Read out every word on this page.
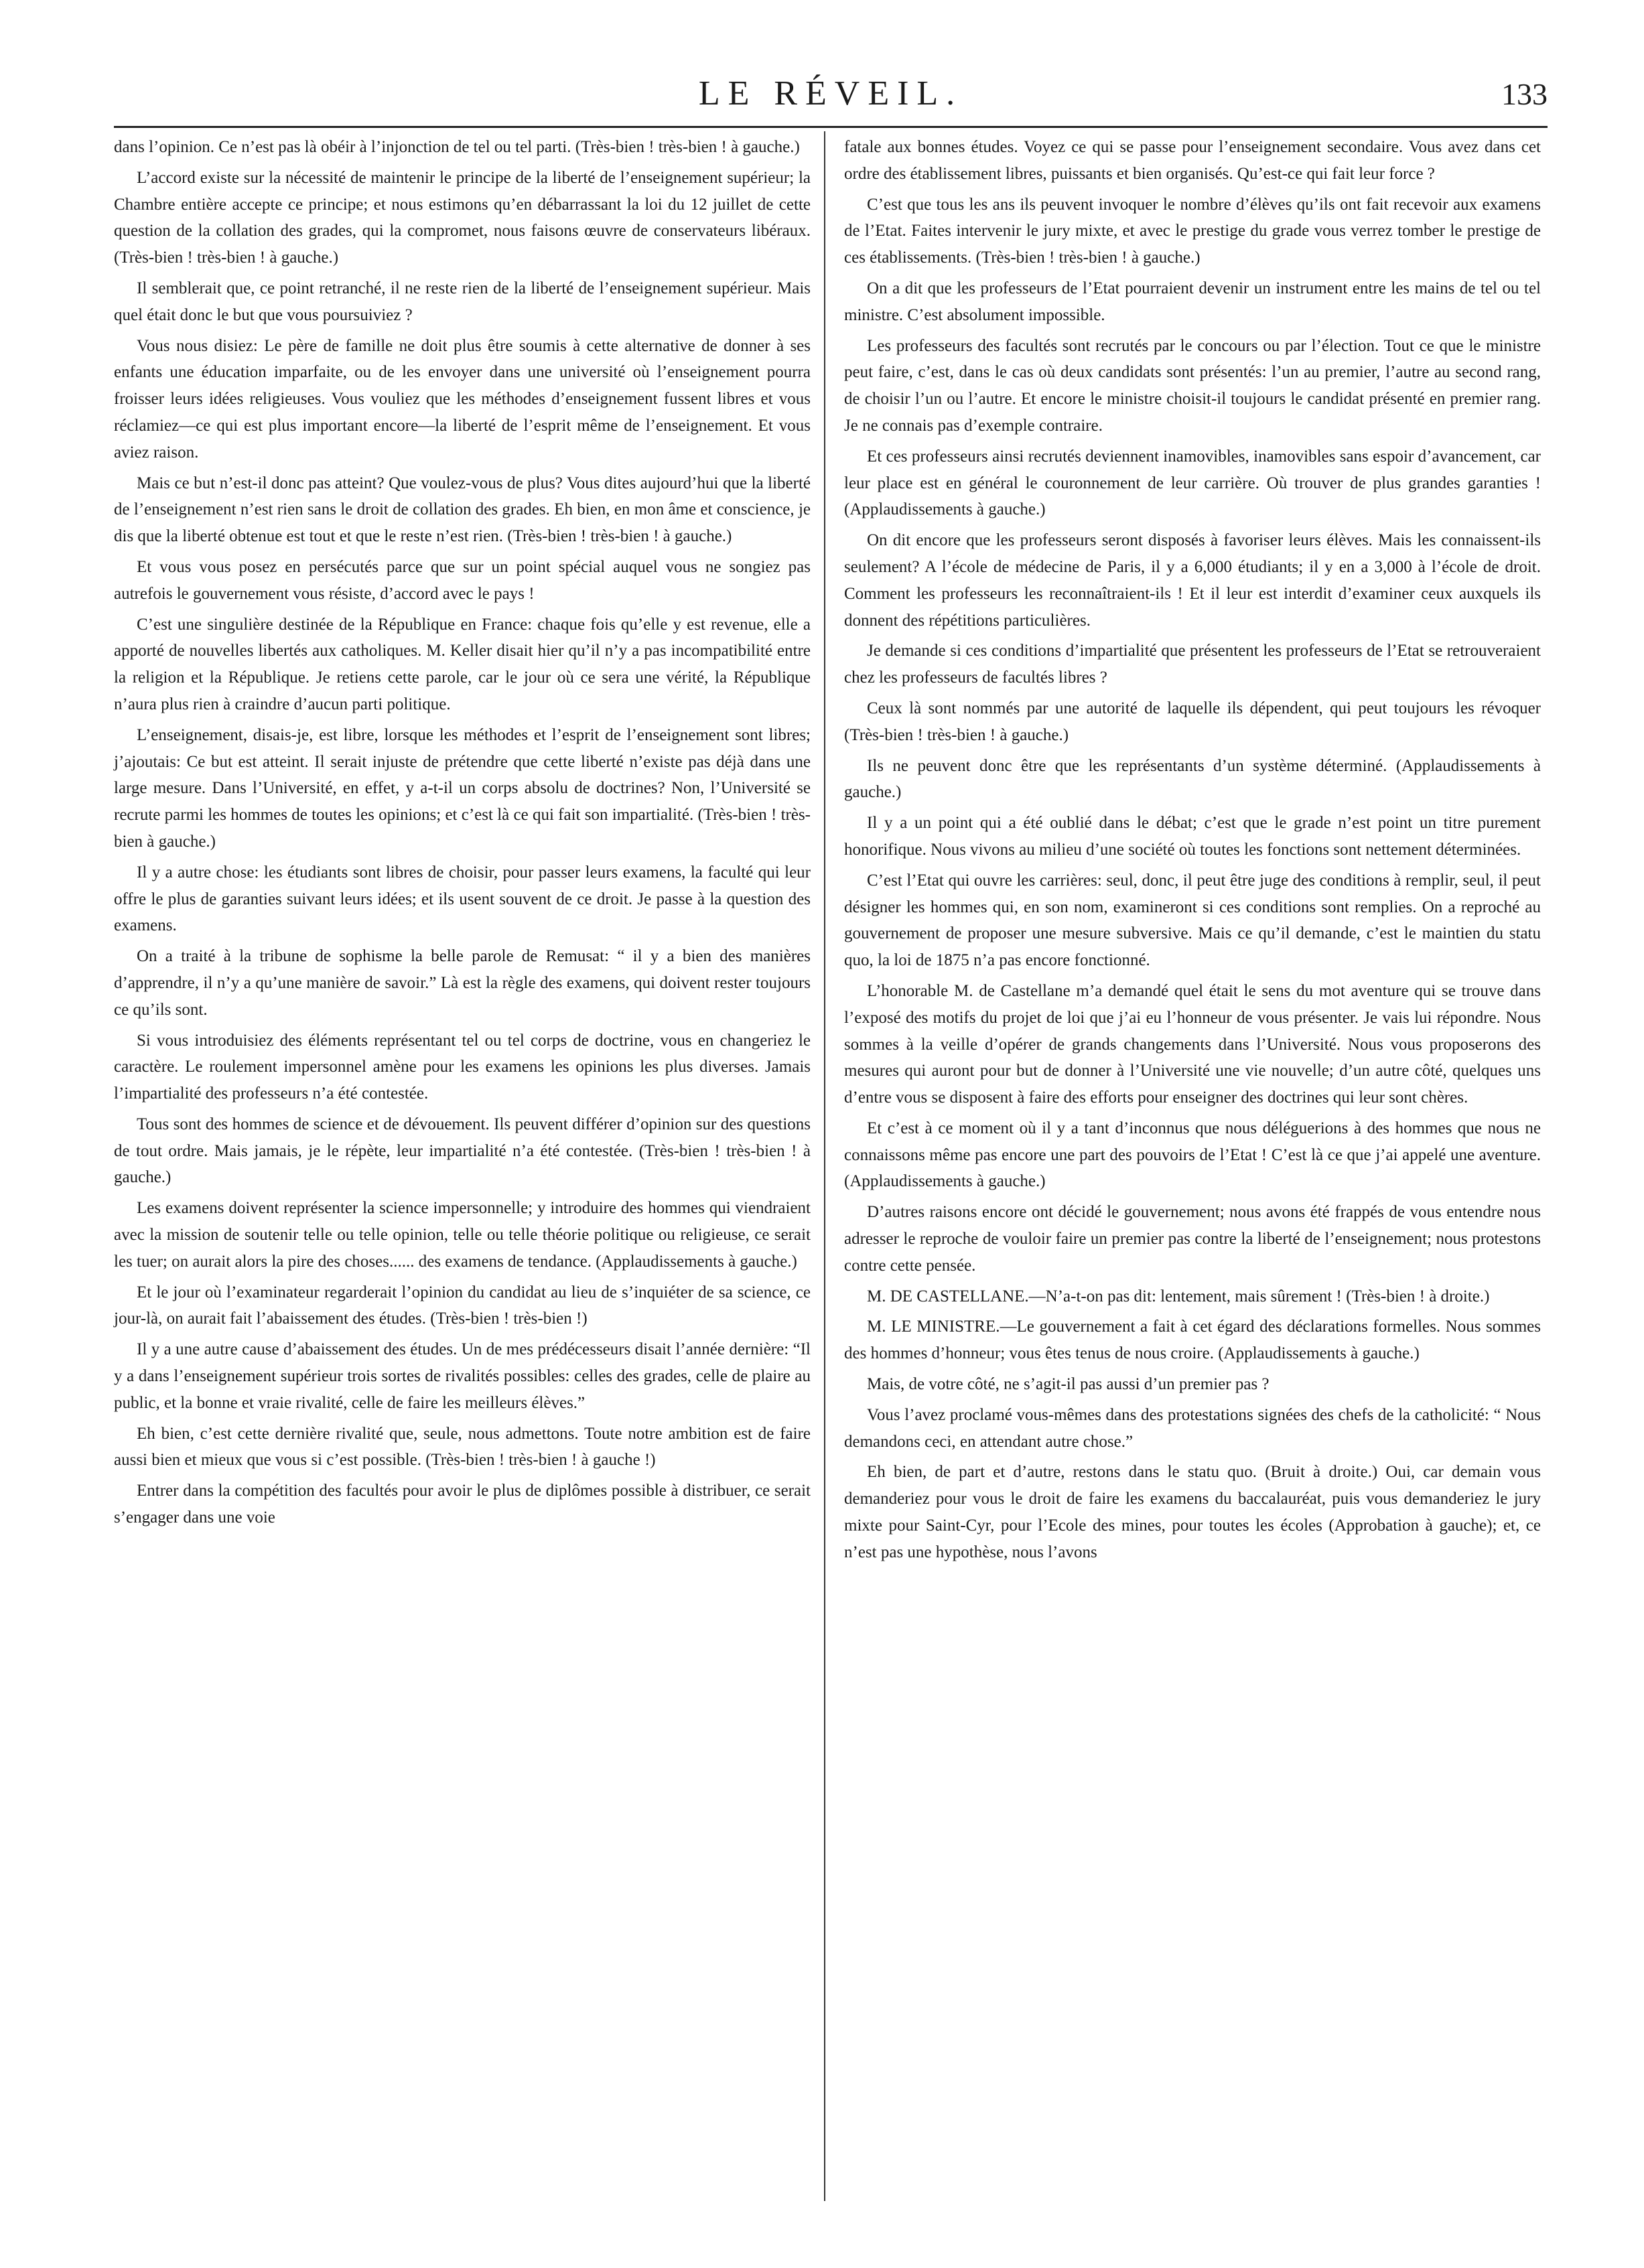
LE RÉVEIL.	133

dans l’opinion. Ce n’est pas là obéir à l’injonction de tel ou tel parti. (Très-bien ! très-bien ! à gauche.)

L’accord existe sur la nécessité de maintenir le principe de la liberté de l’enseignement supérieur; la Chambre entière accepte ce principe; et nous estimons qu’en débarrassant la loi du 12 juillet de cette question de la collation des grades, qui la compromet, nous faisons œuvre de conservateurs libéraux. (Très-bien ! très-bien ! à gauche.)

Il semblerait que, ce point retranché, il ne reste rien de la liberté de l’enseignement supérieur. Mais quel était donc le but que vous poursuiviez ?

Vous nous disiez: Le père de famille ne doit plus être soumis à cette alternative de donner à ses enfants une éducation imparfaite, ou de les envoyer dans une université où l’enseignement pourra froisser leurs idées religieuses. Vous vouliez que les méthodes d’enseignement fussent libres et vous réclamiez—ce qui est plus important encore—la liberté de l’esprit même de l’enseignement. Et vous aviez raison.

Mais ce but n’est-il donc pas atteint? Que voulez-vous de plus? Vous dites aujourd’hui que la liberté de l’enseignement n’est rien sans le droit de collation des grades. Eh bien, en mon âme et conscience, je dis que la liberté obtenue est tout et que le reste n’est rien. (Très-bien ! très-bien ! à gauche.)

Et vous vous posez en persécutés parce que sur un point spécial auquel vous ne songiez pas autrefois le gouvernement vous résiste, d’accord avec le pays !

C’est une singulière destinée de la République en France: chaque fois qu’elle y est revenue, elle a apporté de nouvelles libertés aux catholiques. M. Keller disait hier qu’il n’y a pas incompatibilité entre la religion et la République. Je retiens cette parole, car le jour où ce sera une vérité, la République n’aura plus rien à craindre d’aucun parti politique.

L’enseignement, disais-je, est libre, lorsque les méthodes et l’esprit de l’enseignement sont libres; j’ajoutais: Ce but est atteint. Il serait injuste de prétendre que cette liberté n’existe pas déjà dans une large mesure. Dans l’Université, en effet, y a-t-il un corps absolu de doctrines? Non, l’Université se recrute parmi les hommes de toutes les opinions; et c’est là ce qui fait son impartialité. (Très-bien ! très-bien à gauche.)

Il y a autre chose: les étudiants sont libres de choisir, pour passer leurs examens, la faculté qui leur offre le plus de garanties suivant leurs idées; et ils usent souvent de ce droit. Je passe à la question des examens.

On a traité à la tribune de sophisme la belle parole de Remusat: “ il y a bien des manières d’apprendre, il n’y a qu’une manière de savoir.” Là est la règle des examens, qui doivent rester toujours ce qu’ils sont.

Si vous introduisiez des éléments représentant tel ou tel corps de doctrine, vous en changeriez le caractère. Le roulement impersonnel amène pour les examens les opinions les plus diverses. Jamais l’impartialité des professeurs n’a été contestée.

Tous sont des hommes de science et de dévouement. Ils peuvent différer d’opinion sur des questions de tout ordre. Mais jamais, je le répète, leur impartialité n’a été contestée. (Très-bien ! très-bien ! à gauche.)

Les examens doivent représenter la science impersonnelle; y introduire des hommes qui viendraient avec la mission de soutenir telle ou telle opinion, telle ou telle théorie politique ou religieuse, ce serait les tuer; on aurait alors la pire des choses...... des examens de tendance. (Applaudissements à gauche.)

Et le jour où l’examinateur regarderait l’opinion du candidat au lieu de s’inquiéter de sa science, ce jour-là, on aurait fait l’abaissement des études. (Très-bien ! très-bien !)

Il y a une autre cause d’abaissement des études. Un de mes prédécesseurs disait l’année dernière: “Il y a dans l’enseignement supérieur trois sortes de rivalités possibles: celles des grades, celle de plaire au public, et la bonne et vraie rivalité, celle de faire les meilleurs élèves.”

Eh bien, c’est cette dernière rivalité que, seule, nous admettons. Toute notre ambition est de faire aussi bien et mieux que vous si c’est possible. (Très-bien ! très-bien ! à gauche !)

Entrer dans la compétition des facultés pour avoir le plus de diplômes possible à distribuer, ce serait s’engager dans une voie

fatale aux bonnes études. Voyez ce qui se passe pour l’enseignement secondaire. Vous avez dans cet ordre des établissement libres, puissants et bien organisés. Qu’est-ce qui fait leur force ?

C’est que tous les ans ils peuvent invoquer le nombre d’élèves qu’ils ont fait recevoir aux examens de l’Etat. Faites intervenir le jury mixte, et avec le prestige du grade vous verrez tomber le prestige de ces établissements. (Très-bien ! très-bien ! à gauche.)

On a dit que les professeurs de l’Etat pourraient devenir un instrument entre les mains de tel ou tel ministre. C’est absolument impossible.

Les professeurs des facultés sont recrutés par le concours ou par l’élection. Tout ce que le ministre peut faire, c’est, dans le cas où deux candidats sont présentés: l’un au premier, l’autre au second rang, de choisir l’un ou l’autre. Et encore le ministre choisit-il toujours le candidat présenté en premier rang. Je ne connais pas d’exemple contraire.

Et ces professeurs ainsi recrutés deviennent inamovibles, inamovibles sans espoir d’avancement, car leur place est en général le couronnement de leur carrière. Où trouver de plus grandes garanties ! (Applaudissements à gauche.)

On dit encore que les professeurs seront disposés à favoriser leurs élèves. Mais les connaissent-ils seulement? A l’école de médecine de Paris, il y a 6,000 étudiants; il y en a 3,000 à l’école de droit. Comment les professeurs les reconnaîtraient-ils ! Et il leur est interdit d’examiner ceux auxquels ils donnent des répétitions particulières.

Je demande si ces conditions d’impartialité que présentent les professeurs de l’Etat se retrouveraient chez les professeurs de facultés libres ?

Ceux là sont nommés par une autorité de laquelle ils dépendent, qui peut toujours les révoquer (Très-bien ! très-bien ! à gauche.)

Ils ne peuvent donc être que les représentants d’un système déterminé. (Applaudissements à gauche.)

Il y a un point qui a été oublié dans le débat; c’est que le grade n’est point un titre purement honorifique. Nous vivons au milieu d’une société où toutes les fonctions sont nettement déterminées.

C’est l’Etat qui ouvre les carrières: seul, donc, il peut être juge des conditions à remplir, seul, il peut désigner les hommes qui, en son nom, examineront si ces conditions sont remplies. On a reproché au gouvernement de proposer une mesure subversive. Mais ce qu’il demande, c’est le maintien du statu quo, la loi de 1875 n’a pas encore fonctionné.

L’honorable M. de Castellane m’a demandé quel était le sens du mot aventure qui se trouve dans l’exposé des motifs du projet de loi que j’ai eu l’honneur de vous présenter. Je vais lui répondre. Nous sommes à la veille d’opérer de grands changements dans l’Université. Nous vous proposerons des mesures qui auront pour but de donner à l’Université une vie nouvelle; d’un autre côté, quelques uns d’entre vous se disposent à faire des efforts pour enseigner des doctrines qui leur sont chères.

Et c’est à ce moment où il y a tant d’inconnus que nous déléguerions à des hommes que nous ne connaissons même pas encore une part des pouvoirs de l’Etat ! C’est là ce que j’ai appelé une aventure. (Applaudissements à gauche.)

D’autres raisons encore ont décidé le gouvernement; nous avons été frappés de vous entendre nous adresser le reproche de vouloir faire un premier pas contre la liberté de l’enseignement; nous protestons contre cette pensée.

M. DE CASTELLANE.—N’a-t-on pas dit: lentement, mais sûrement ! (Très-bien ! à droite.)

M. LE MINISTRE.—Le gouvernement a fait à cet égard des déclarations formelles. Nous sommes des hommes d’honneur; vous êtes tenus de nous croire. (Applaudissements à gauche.)

Mais, de votre côté, ne s’agit-il pas aussi d’un premier pas ?

Vous l’avez proclamé vous-mêmes dans des protestations signées des chefs de la catholicité: “ Nous demandons ceci, en attendant autre chose.”

Eh bien, de part et d’autre, restons dans le statu quo. (Bruit à droite.) Oui, car demain vous demanderiez pour vous le droit de faire les examens du baccalauréat, puis vous demanderiez le jury mixte pour Saint-Cyr, pour l’Ecole des mines, pour toutes les écoles (Approbation à gauche); et, ce n’est pas une hypothèse, nous l’avons
